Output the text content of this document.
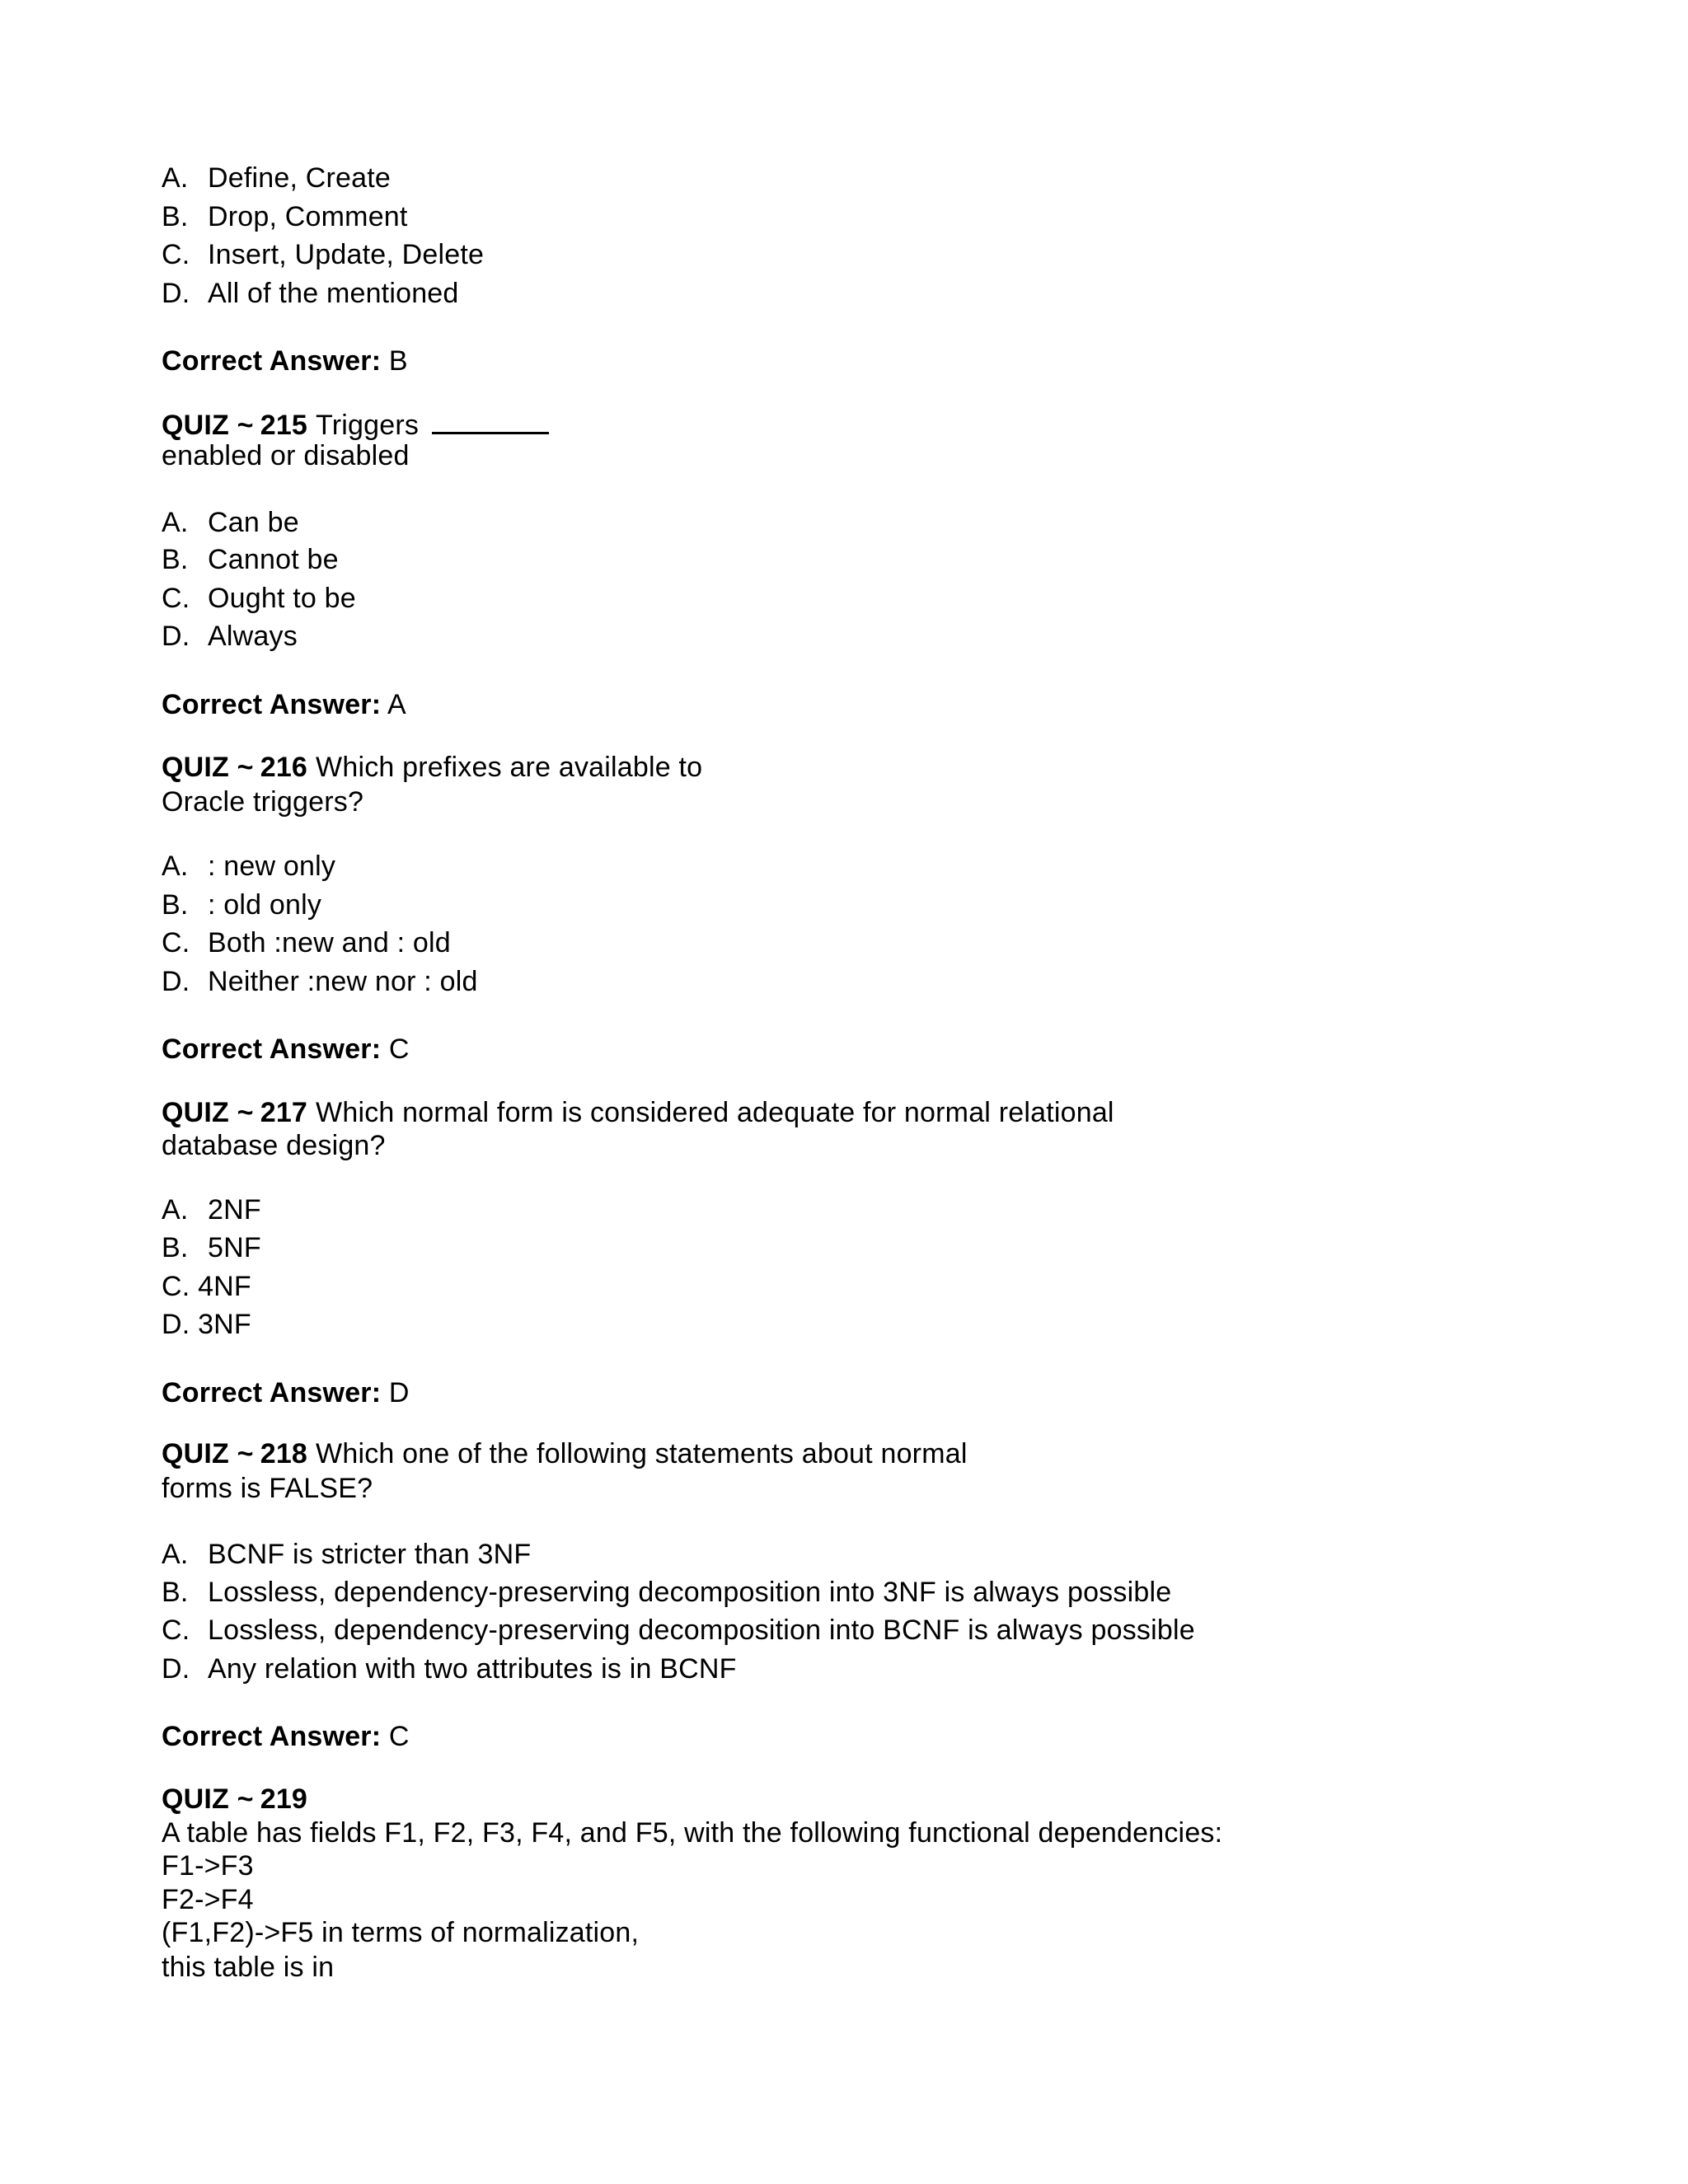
A. Define, Create
B. Drop, Comment
C. Insert, Update, Delete
D. All of the mentioned
Correct Answer: B
QUIZ ~ 215 Triggers
enabled or disabled
A. Can be
B. Cannot be
C. Ought to be
D. Always
Correct Answer: A
QUIZ ~ 216 Which prefixes are available to
Oracle triggers?
A. : new only
B. : old only
C. Both :new and : old
D. Neither :new nor : old
Correct Answer: C
QUIZ ~ 217 Which normal form is considered adequate for normal relational
database design?
A. 2NF
B. 5NF
C. 4NF
D. 3NF
Correct Answer: D
QUIZ ~ 218 Which one of the following statements about normal
forms is FALSE?
A. BCNF is stricter than 3NF
B. Lossless, dependency-preserving decomposition into 3NF is always possible
C. Lossless, dependency-preserving decomposition into BCNF is always possible
D. Any relation with two attributes is in BCNF
Correct Answer: C
QUIZ ~ 219
A table has fields F1, F2, F3, F4, and F5, with the following functional dependencies:
F1->F3
F2->F4
(F1,F2)->F5 in terms of normalization,
this table is in
